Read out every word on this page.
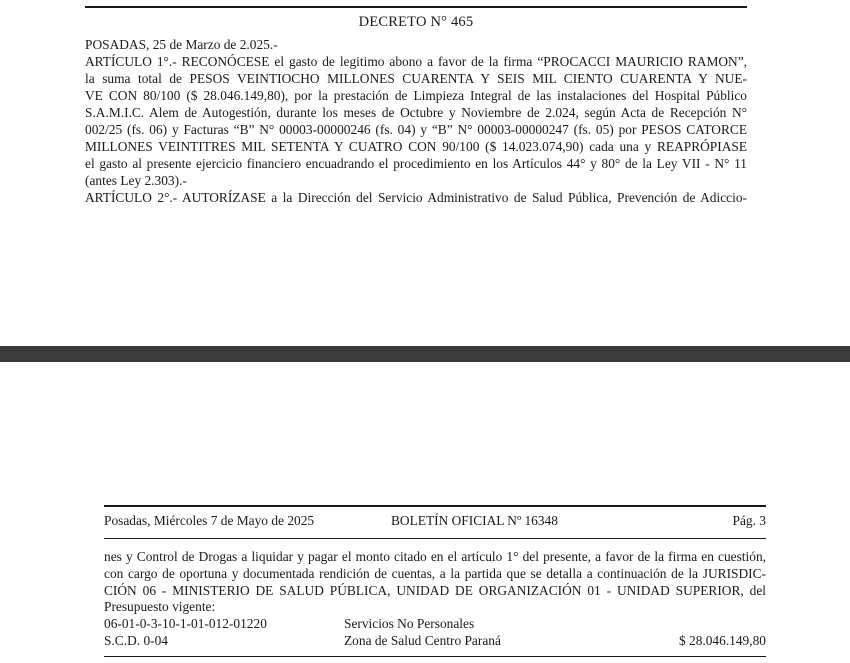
DECRETO N° 465
POSADAS, 25 de Marzo de 2.025.-
ARTÍCULO 1°.- RECONÓCESE el gasto de legitimo abono a favor de la firma “PROCACCI MAURICIO RAMON”,
la suma total de PESOS VEINTIOCHO MILLONES CUARENTA Y SEIS MIL CIENTO CUARENTA Y NUE-
VE CON 80/100 ($ 28.046.149,80), por la prestación de Limpieza Integral de las instalaciones del Hospital Público
S.A.M.I.C. Alem de Autogestión, durante los meses de Octubre y Noviembre de 2.024, según Acta de Recepción N°
002/25 (fs. 06) y Facturas “B” N° 00003-00000246 (fs. 04) y “B” N° 00003-00000247 (fs. 05) por PESOS CATORCE
MILLONES VEINTITRES MIL SETENTA Y CUATRO CON 90/100 ($ 14.023.074,90) cada una y REAPRÓPIASE
el gasto al presente ejercicio financiero encuadrando el procedimiento en los Artículos 44° y 80° de la Ley VII - N° 11
(antes Ley 2.303).-
ARTÍCULO 2°.- AUTORÍZASE a la Dirección del Servicio Administrativo de Salud Pública, Prevención de Adiccio-
Posadas, Miércoles 7 de Mayo de 2025	BOLETÍN OFICIAL Nº 16348	Pág. 3
nes y Control de Drogas a liquidar y pagar el monto citado en el artículo 1° del presente, a favor de la firma en cuestión,
con cargo de oportuna y documentada rendición de cuentas, a la partida que se detalla a continuación de la JURISDIC-
CIÓN 06 - MINISTERIO DE SALUD PÚBLICA, UNIDAD DE ORGANIZACIÓN 01 - UNIDAD SUPERIOR, del
Presupuesto vigente:
06-01-0-3-10-1-01-012-01220	Servicios No Personales
S.C.D. 0-04	Zona de Salud Centro Paraná	$ 28.046.149,80
